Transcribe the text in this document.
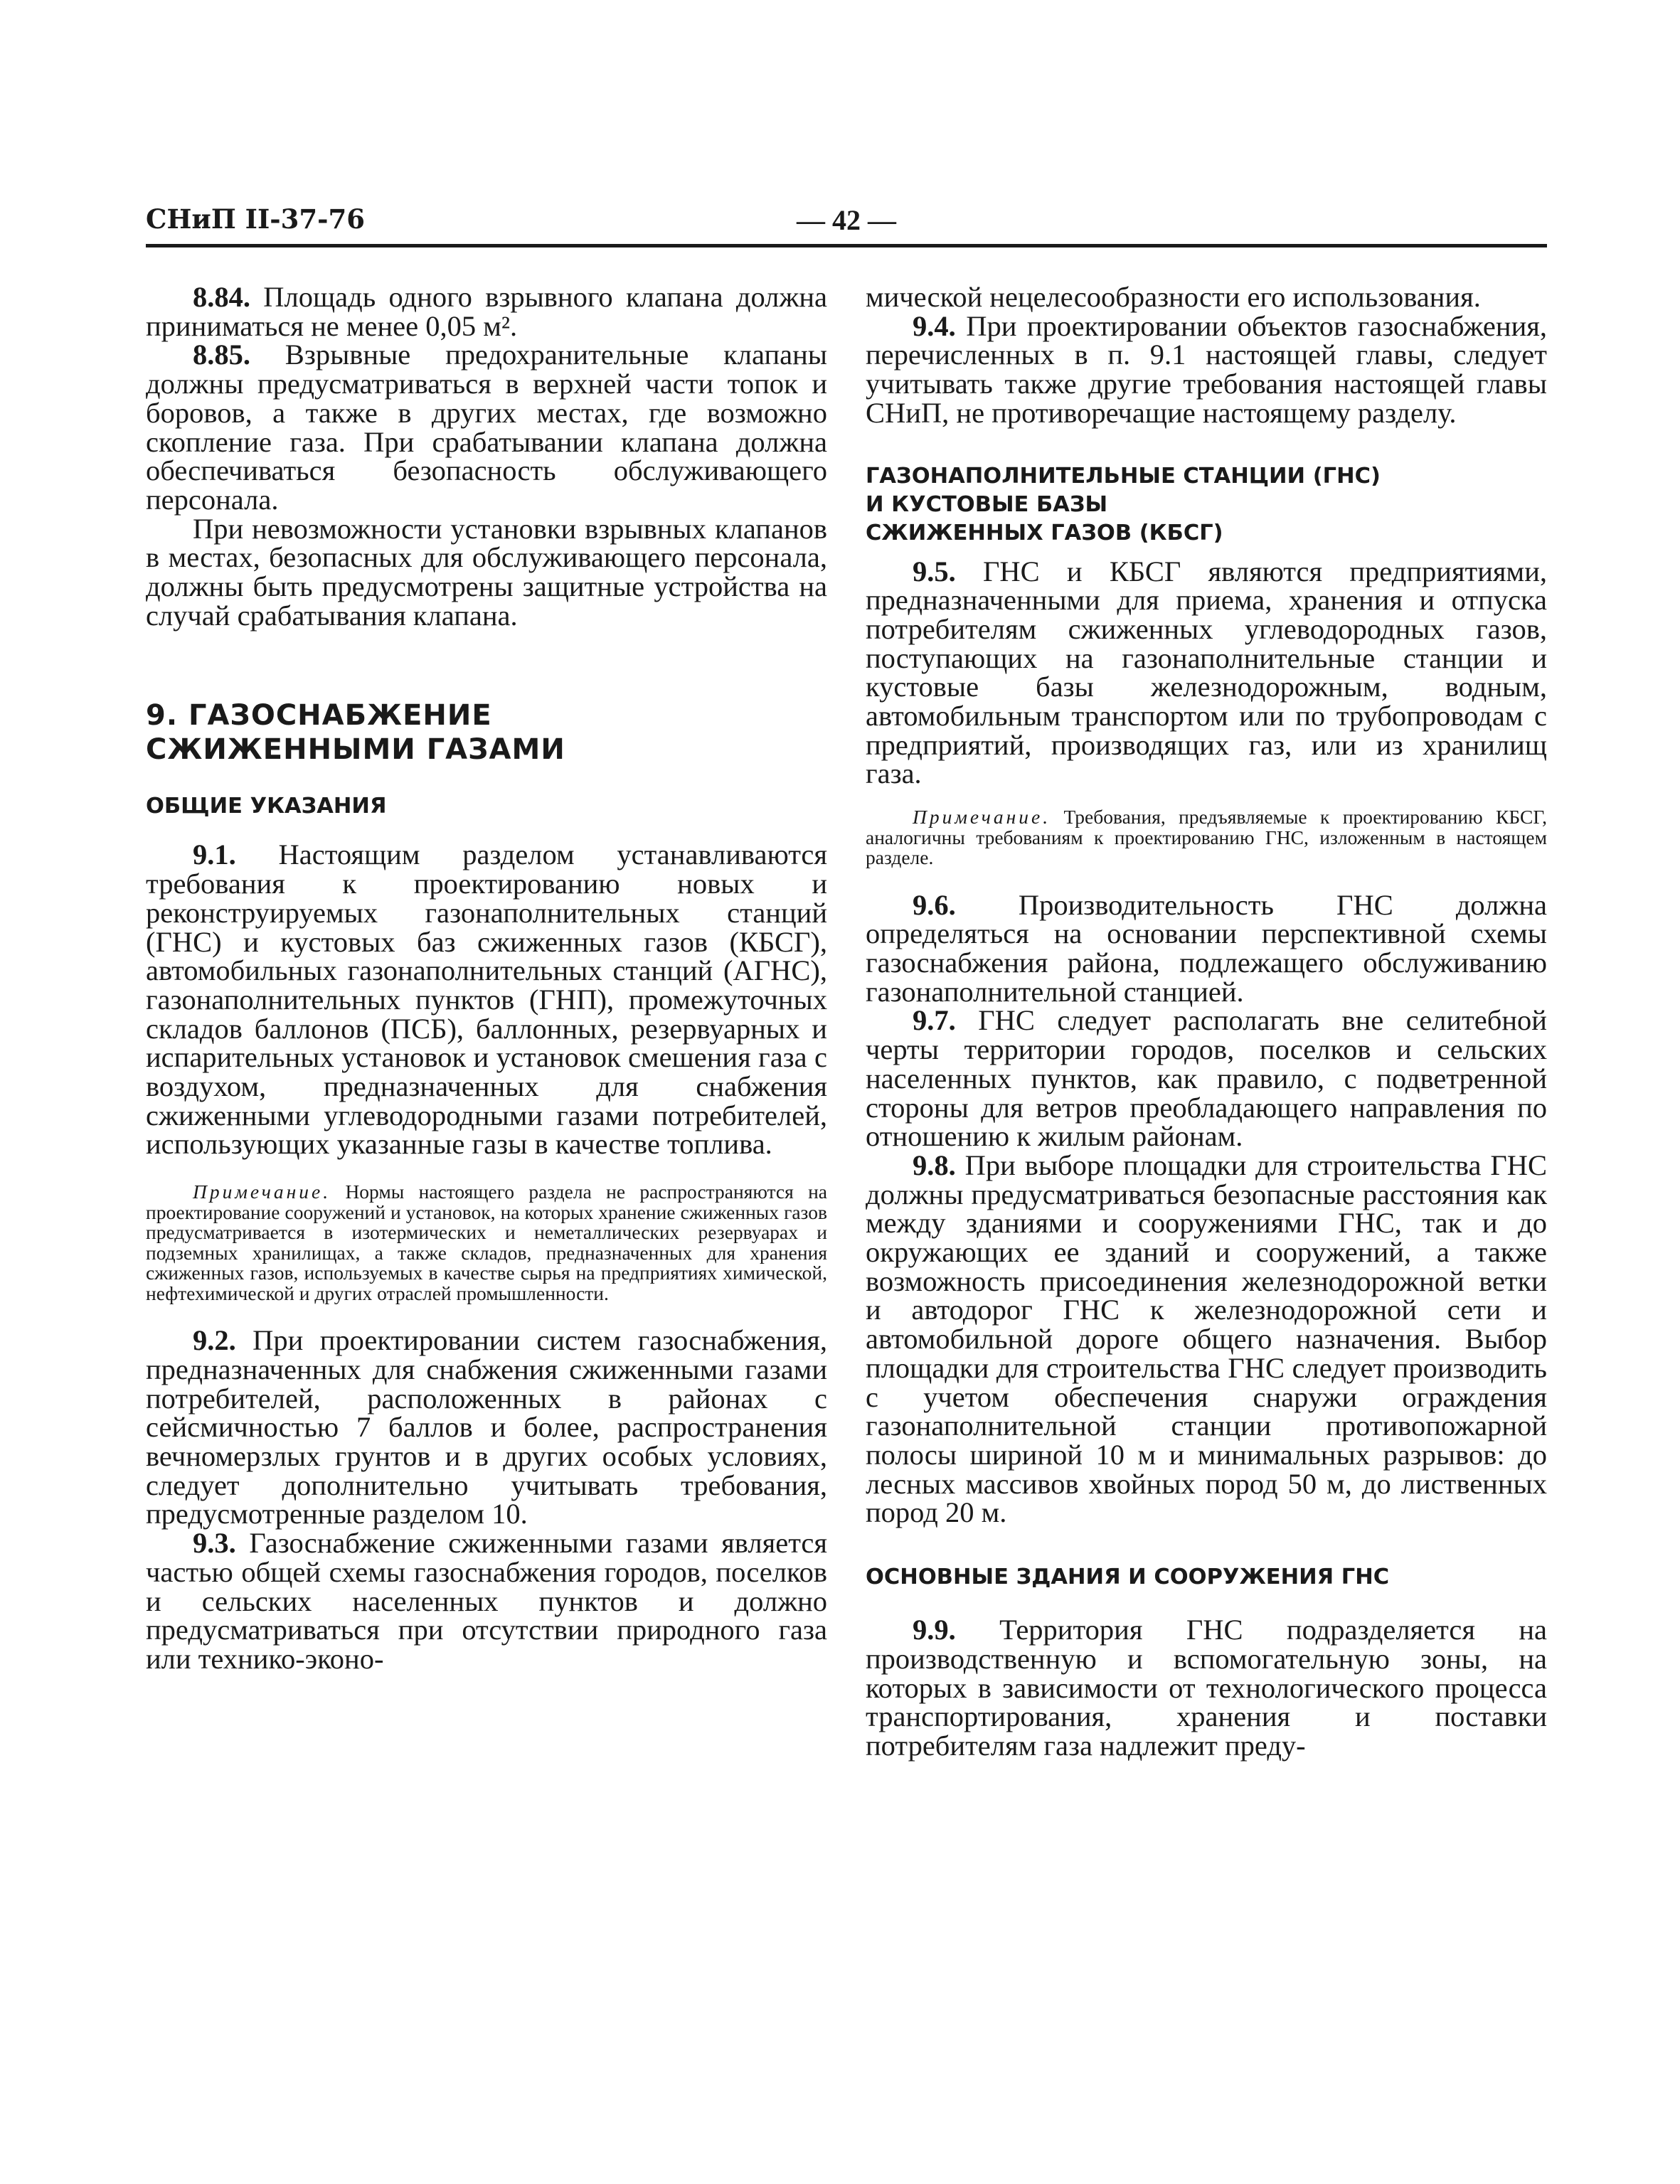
СНиП II-37-76	— 42 —

8.84. Площадь одного взрывного клапана должна приниматься не менее 0,05 м².

8.85. Взрывные предохранительные клапаны должны предусматриваться в верхней части топок и боровов, а также в других местах, где возможно скопление газа. При срабатывании клапана должна обеспечиваться безопасность обслуживающего персонала.

При невозможности установки взрывных клапанов в местах, безопасных для обслуживающего персонала, должны быть предусмотрены защитные устройства на случай срабатывания клапана.

9. ГАЗОСНАБЖЕНИЕ
СЖИЖЕННЫМИ ГАЗАМИ
ОБЩИЕ УКАЗАНИЯ

9.1. Настоящим разделом устанавливаются требования к проектированию новых и реконструируемых газонаполнительных станций (ГНС) и кустовых баз сжиженных газов (КБСГ), автомобильных газонаполнительных станций (АГНС), газонаполнительных пунктов (ГНП), промежуточных складов баллонов (ПСБ), баллонных, резервуарных и испарительных установок и установок смешения газа с воздухом, предназначенных для снабжения сжиженными углеводородными газами потребителей, использующих указанные газы в качестве топлива.

Примечание. Нормы настоящего раздела не распространяются на проектирование сооружений и установок, на которых хранение сжиженных газов предусматривается в изотермических и неметаллических резервуарах и подземных хранилищах, а также складов, предназначенных для хранения сжиженных газов, используемых в качестве сырья на предприятиях химической, нефтехимической и других отраслей промышленности.

9.2. При проектировании систем газоснабжения, предназначенных для снабжения сжиженными газами потребителей, расположенных в районах с сейсмичностью 7 баллов и более, распространения вечномерзлых грунтов и в других особых условиях, следует дополнительно учитывать требования, предусмотренные разделом 10.

9.3. Газоснабжение сжиженными газами является частью общей схемы газоснабжения городов, поселков и сельских населенных пунктов и должно предусматриваться при отсутствии природного газа или технико-эконо-

мической нецелесообразности его использования.

9.4. При проектировании объектов газоснабжения, перечисленных в п. 9.1 настоящей главы, следует учитывать также другие требования настоящей главы СНиП, не противоречащие настоящему разделу.

ГАЗОНАПОЛНИТЕЛЬНЫЕ СТАНЦИИ (ГНС)
И КУСТОВЫЕ БАЗЫ
СЖИЖЕННЫХ ГАЗОВ (КБСГ)

9.5. ГНС и КБСГ являются предприятиями, предназначенными для приема, хранения и отпуска потребителям сжиженных углеводородных газов, поступающих на газонаполнительные станции и кустовые базы железнодорожным, водным, автомобильным транспортом или по трубопроводам с предприятий, производящих газ, или из хранилищ газа.

Примечание. Требования, предъявляемые к проектированию КБСГ, аналогичны требованиям к проектированию ГНС, изложенным в настоящем разделе.

9.6. Производительность ГНС должна определяться на основании перспективной схемы газоснабжения района, подлежащего обслуживанию газонаполнительной станцией.

9.7. ГНС следует располагать вне селитебной черты территории городов, поселков и сельских населенных пунктов, как правило, с подветренной стороны для ветров преобладающего направления по отношению к жилым районам.

9.8. При выборе площадки для строительства ГНС должны предусматриваться безопасные расстояния как между зданиями и сооружениями ГНС, так и до окружающих ее зданий и сооружений, а также возможность присоединения железнодорожной ветки и автодорог ГНС к железнодорожной сети и автомобильной дороге общего назначения. Выбор площадки для строительства ГНС следует производить с учетом обеспечения снаружи ограждения газонаполнительной станции противопожарной полосы шириной 10 м и минимальных разрывов: до лесных массивов хвойных пород 50 м, до лиственных пород 20 м.

ОСНОВНЫЕ ЗДАНИЯ И СООРУЖЕНИЯ ГНС

9.9. Территория ГНС подразделяется на производственную и вспомогательную зоны, на которых в зависимости от технологического процесса транспортирования, хранения и поставки потребителям газа надлежит преду-
